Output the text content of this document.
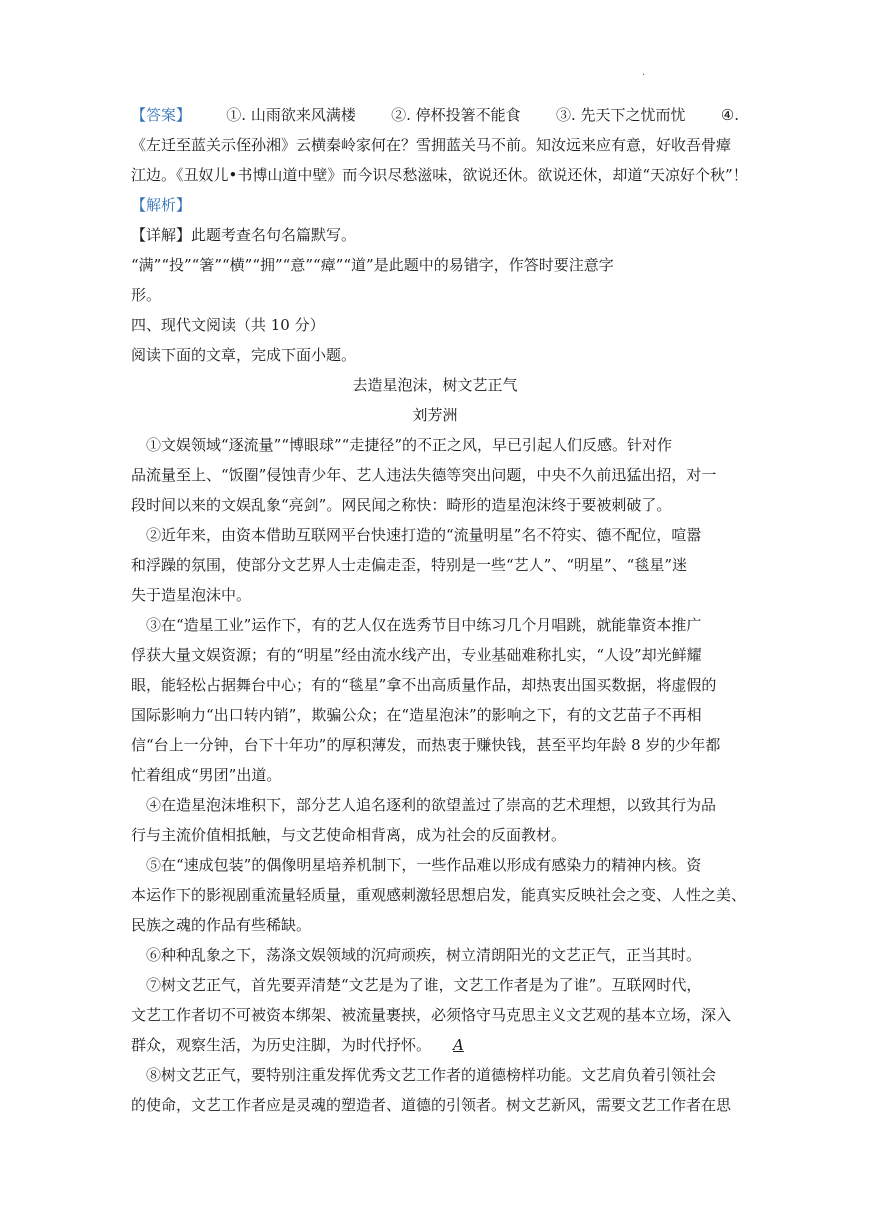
·
【答案】 ①. 山雨欲来风满楼 ②. 停杯投箸不能食 ③. 先天下之忧而忧 ④.
《左迁至蓝关示侄孙湘》云横秦岭家何在？雪拥蓝关马不前。知汝远来应有意，好收吾骨瘴
江边。《丑奴儿•书博山道中壁》而今识尽愁滋味，欲说还休。欲说还休，却道“天凉好个秋”！
【解析】
【详解】此题考查名句名篇默写。
“满”“投”“箸”“横”“拥”“意”“瘴”“道”是此题中的易错字，作答时要注意字
形。
四、现代文阅读（共 10 分）
阅读下面的文章，完成下面小题。
去造星泡沫，树文艺正气
刘芳洲
①文娱领域“逐流量”“博眼球”“走捷径”的不正之风，早已引起人们反感。针对作
品流量至上、“饭圈”侵蚀青少年、艺人违法失德等突出问题，中央不久前迅猛出招，对一
段时间以来的文娱乱象“亮剑”。网民闻之称快：畸形的造星泡沫终于要被刺破了。
②近年来，由资本借助互联网平台快速打造的“流量明星”名不符实、德不配位，喧嚣
和浮躁的氛围，使部分文艺界人士走偏走歪，特别是一些“艺人”、“明星”、“毯星”迷
失于造星泡沫中。
③在“造星工业”运作下，有的艺人仅在选秀节目中练习几个月唱跳，就能靠资本推广
俘获大量文娱资源；有的“明星”经由流水线产出，专业基础难称扎实，“人设”却光鲜耀
眼，能轻松占据舞台中心；有的“毯星”拿不出高质量作品，却热衷出国买数据，将虚假的
国际影响力“出口转内销”，欺骗公众；在“造星泡沫”的影响之下，有的文艺苗子不再相
信“台上一分钟，台下十年功”的厚积薄发，而热衷于赚快钱，甚至平均年龄 8 岁的少年都
忙着组成“男团”出道。
④在造星泡沫堆积下，部分艺人追名逐利的欲望盖过了崇高的艺术理想，以致其行为品
行与主流价值相抵触，与文艺使命相背离，成为社会的反面教材。
⑤在“速成包装”的偶像明星培养机制下，一些作品难以形成有感染力的精神内核。资
本运作下的影视剧重流量轻质量，重观感刺激轻思想启发，能真实反映社会之变、人性之美、
民族之魂的作品有些稀缺。
⑥种种乱象之下，荡涤文娱领域的沉疴顽疾，树立清朗阳光的文艺正气，正当其时。
⑦树文艺正气，首先要弄清楚“文艺是为了谁，文艺工作者是为了谁”。互联网时代，
文艺工作者切不可被资本绑架、被流量裹挟，必须恪守马克思主义文艺观的基本立场，深入
群众，观察生活，为历史注脚，为时代抒怀。 A
⑧树文艺正气，要特别注重发挥优秀文艺工作者的道德榜样功能。文艺肩负着引领社会
的使命，文艺工作者应是灵魂的塑造者、道德的引领者。树文艺新风，需要文艺工作者在思
